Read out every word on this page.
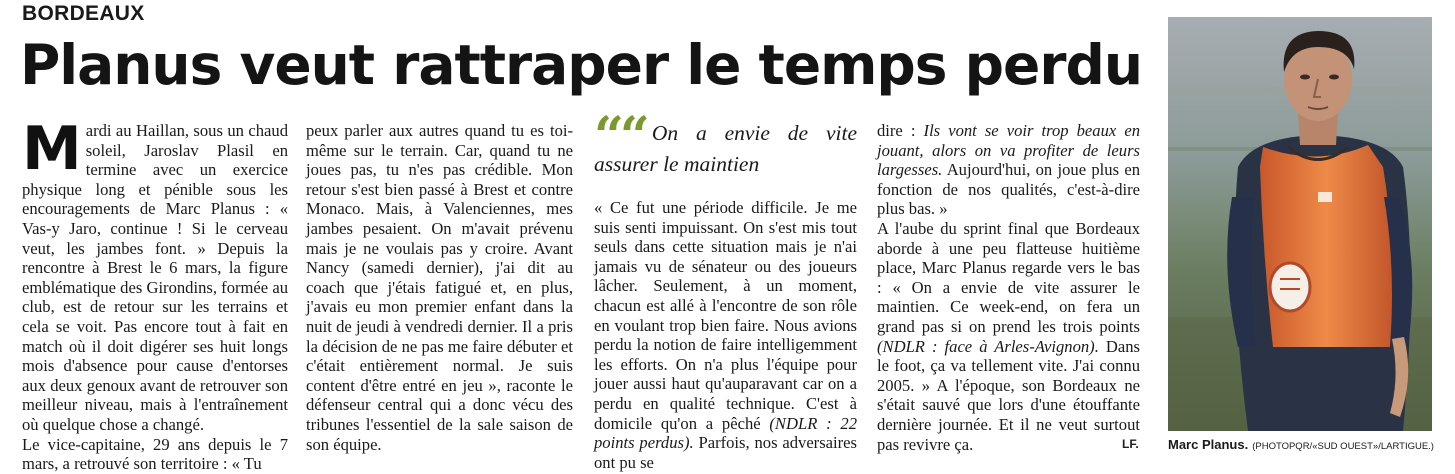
BORDEAUX
Planus veut rattraper le temps perdu

Mardi au Haillan, sous un chaud soleil, Jaroslav Plasil en termine avec un exercice physique long et pénible sous les encouragements de Marc Planus : « Vas-y Jaro, continue ! Si le cerveau veut, les jambes font. » Depuis la rencontre à Brest le 6 mars, la figure emblématique des Girondins, formée au club, est de retour sur les terrains et cela se voit. Pas encore tout à fait en match où il doit digérer ses huit longs mois d'absence pour cause d'entorses aux deux genoux avant de retrouver son meilleur niveau, mais à l'entraînement où quelque chose a changé.

Le vice-capitaine, 29 ans depuis le 7 mars, a retrouvé son territoire : « Tu

peux parler aux autres quand tu es toi-même sur le terrain. Car, quand tu ne joues pas, tu n'es pas crédible. Mon retour s'est bien passé à Brest et contre Monaco. Mais, à Valenciennes, mes jambes pesaient. On m'avait prévenu mais je ne voulais pas y croire. Avant Nancy (samedi dernier), j'ai dit au coach que j'étais fatigué et, en plus, j'avais eu mon premier enfant dans la nuit de jeudi à vendredi dernier. Il a pris la décision de ne pas me faire débuter et c'était entièrement normal. Je suis content d'être entré en jeu », raconte le défenseur central qui a donc vécu des tribunes l'essentiel de la sale saison de son équipe.

““ On a envie de vite assurer le maintien

« Ce fut une période difficile. Je me suis senti impuissant. On s'est mis tout seuls dans cette situation mais je n'ai jamais vu de sénateur ou des joueurs lâcher. Seulement, à un moment, chacun est allé à l'encontre de son rôle en voulant trop bien faire. Nous avions perdu la notion de faire intelligemment les efforts. On n'a plus l'équipe pour jouer aussi haut qu'auparavant car on a perdu en qualité technique. C'est à domicile qu'on a pêché (NDLR : 22 points perdus). Parfois, nos adversaires ont pu se

dire : Ils vont se voir trop beaux en jouant, alors on va profiter de leurs largesses. Aujourd'hui, on joue plus en fonction de nos qualités, c'est-à-dire plus bas. »

A l'aube du sprint final que Bordeaux aborde à une peu flatteuse huitième place, Marc Planus regarde vers le bas : « On a envie de vite assurer le maintien. Ce week-end, on fera un grand pas si on prend les trois points (NDLR : face à Arles-Avignon). Dans le foot, ça va tellement vite. J'ai connu 2005. » A l'époque, son Bordeaux ne s'était sauvé que lors d'une étouffante dernière journée. Et il ne veut surtout pas revivre ça.	LF. Marc Planus. (PHOTOPQR/«SUD OUEST»/LARTIGUE.)
